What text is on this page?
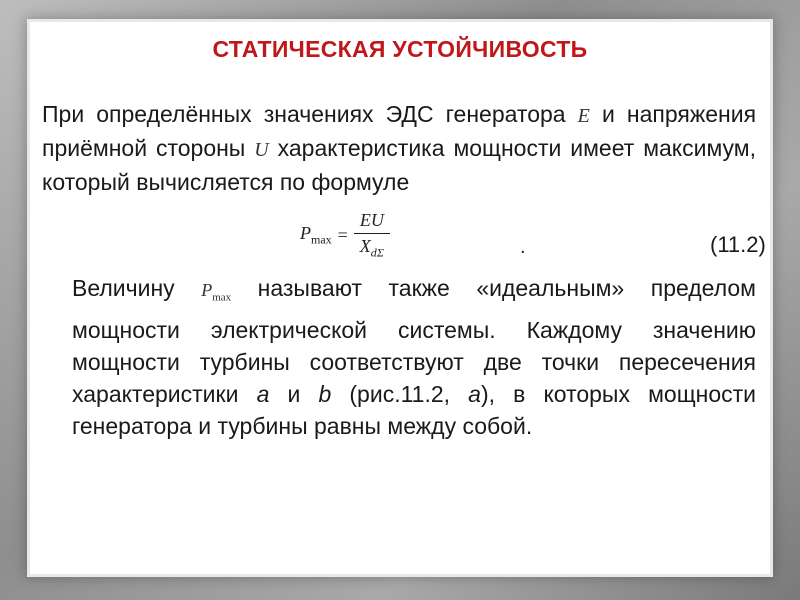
СТАТИЧЕСКАЯ УСТОЙЧИВОСТЬ
При определённых значениях ЭДС генератора E и напряжения приёмной стороны U характеристика мощности имеет максимум, который вычисляется по формуле
$P_{max} = \frac{EU}{X_{d\Sigma}}$	.	(11.2)
Величину $P_{max}$ называют также «идеальным» пределом мощности электрической системы. Каждому значению мощности турбины соответствуют две точки пересечения характеристики a и b (рис.11.2, а), в которых мощности генератора и турбины равны между собой.
